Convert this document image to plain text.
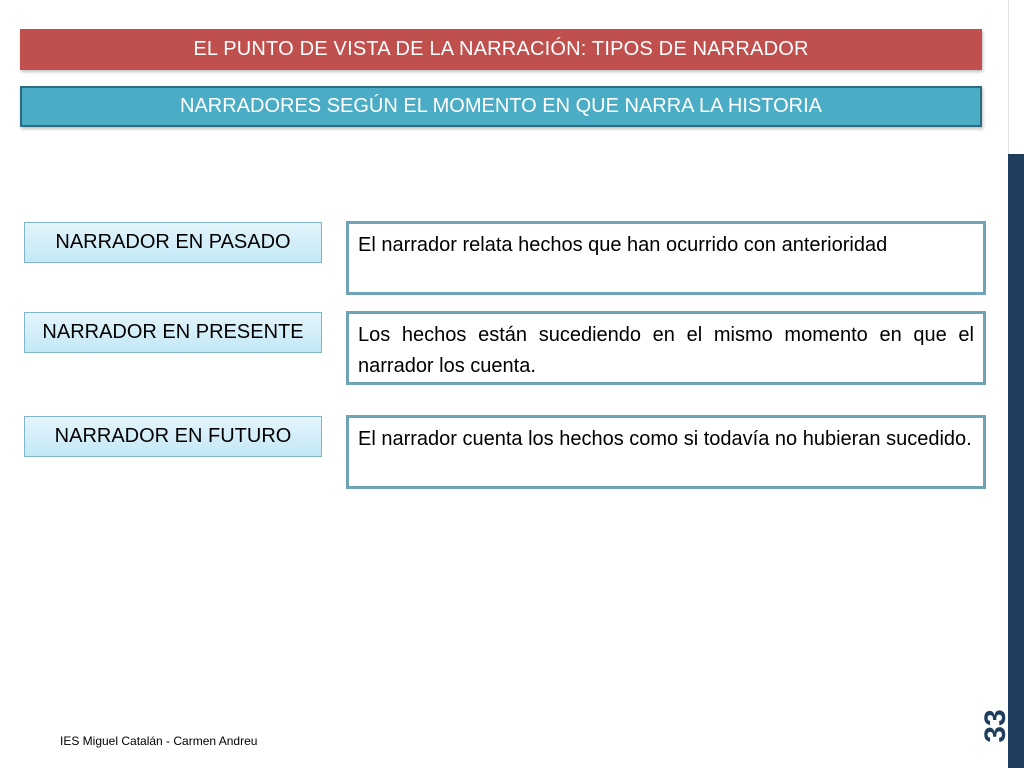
EL PUNTO DE VISTA DE LA NARRACIÓN: TIPOS DE NARRADOR
NARRADORES SEGÚN EL MOMENTO EN QUE NARRA LA HISTORIA
NARRADOR EN PASADO	El narrador relata hechos que han ocurrido con anterioridad
NARRADOR EN PRESENTE	Los hechos están sucediendo en el mismo momento en que el narrador los cuenta.
NARRADOR EN FUTURO	El narrador cuenta los hechos como si todavía no hubieran sucedido.
IES Miguel Catalán - Carmen Andreu	33
